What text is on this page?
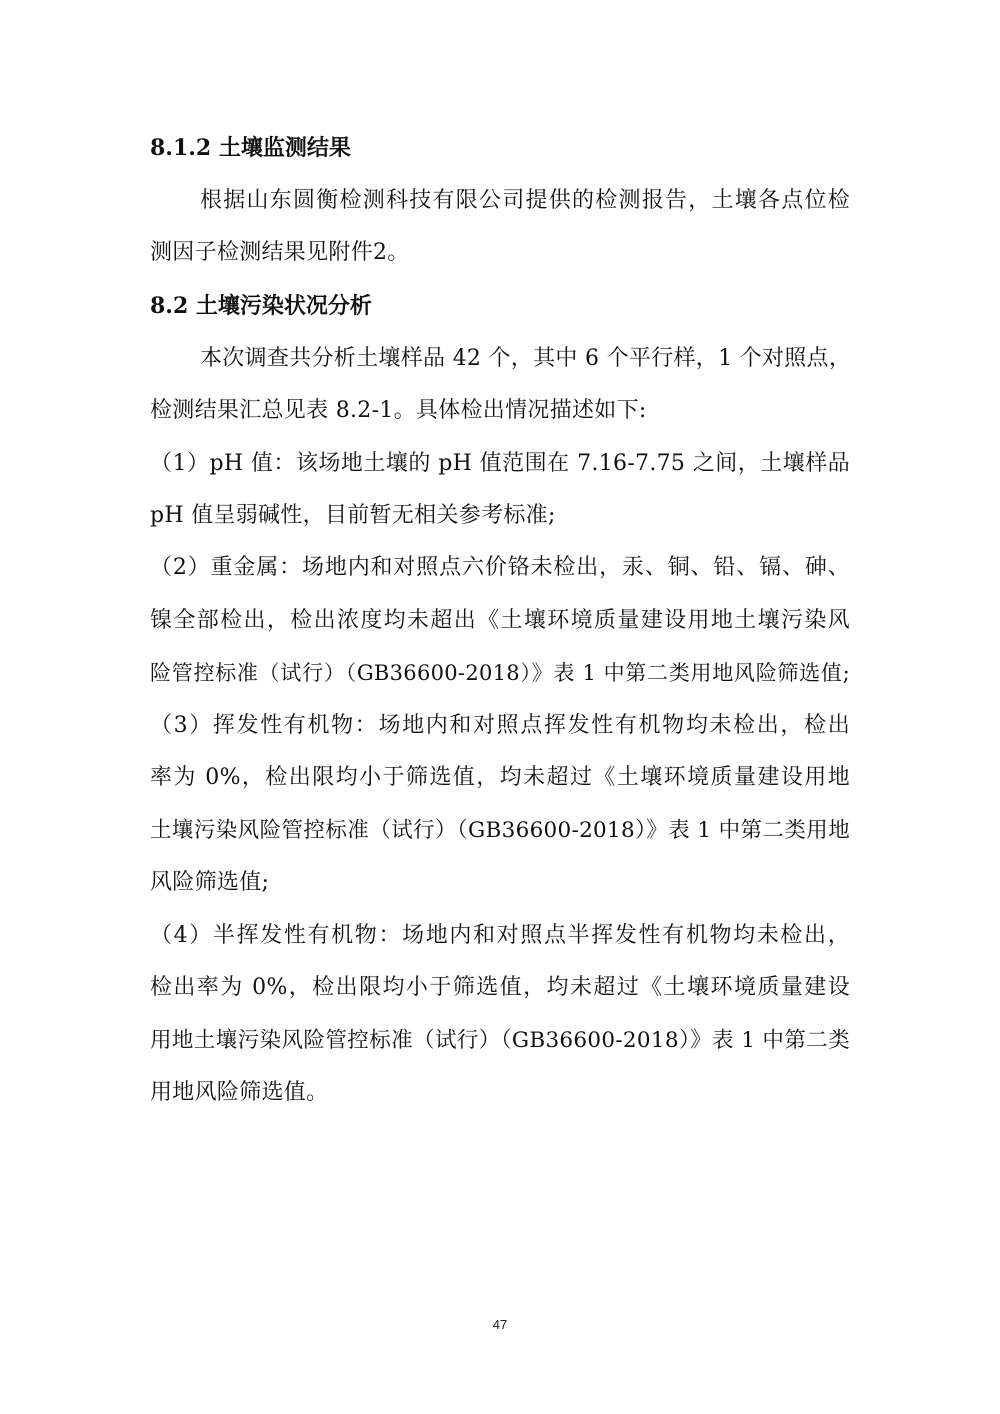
8.1.2 土壤监测结果
根据山东圆衡检测科技有限公司提供的检测报告，土壤各点位检
测因子检测结果见附件2。
8.2 土壤污染状况分析
本次调查共分析土壤样品 42 个，其中 6 个平行样，1 个对照点，
检测结果汇总见表 8.2-1。具体检出情况描述如下:
（1）pH 值：该场地土壤的 pH 值范围在 7.16-7.75 之间，土壤样品
pH 值呈弱碱性，目前暂无相关参考标准;
（2）重金属：场地内和对照点六价铬未检出，汞、铜、铅、镉、砷、
镍全部检出，检出浓度均未超出《土壤环境质量建设用地土壤污染风
险管控标准（试行）（GB36600-2018）》表 1 中第二类用地风险筛选值;
（3）挥发性有机物：场地内和对照点挥发性有机物均未检出，检出
率为 0%，检出限均小于筛选值，均未超过《土壤环境质量建设用地
土壤污染风险管控标准（试行）（GB36600-2018）》表 1 中第二类用地
风险筛选值;
（4）半挥发性有机物：场地内和对照点半挥发性有机物均未检出，
检出率为 0%，检出限均小于筛选值，均未超过《土壤环境质量建设
用地土壤污染风险管控标准（试行）（GB36600-2018）》表 1 中第二类
用地风险筛选值。
47
